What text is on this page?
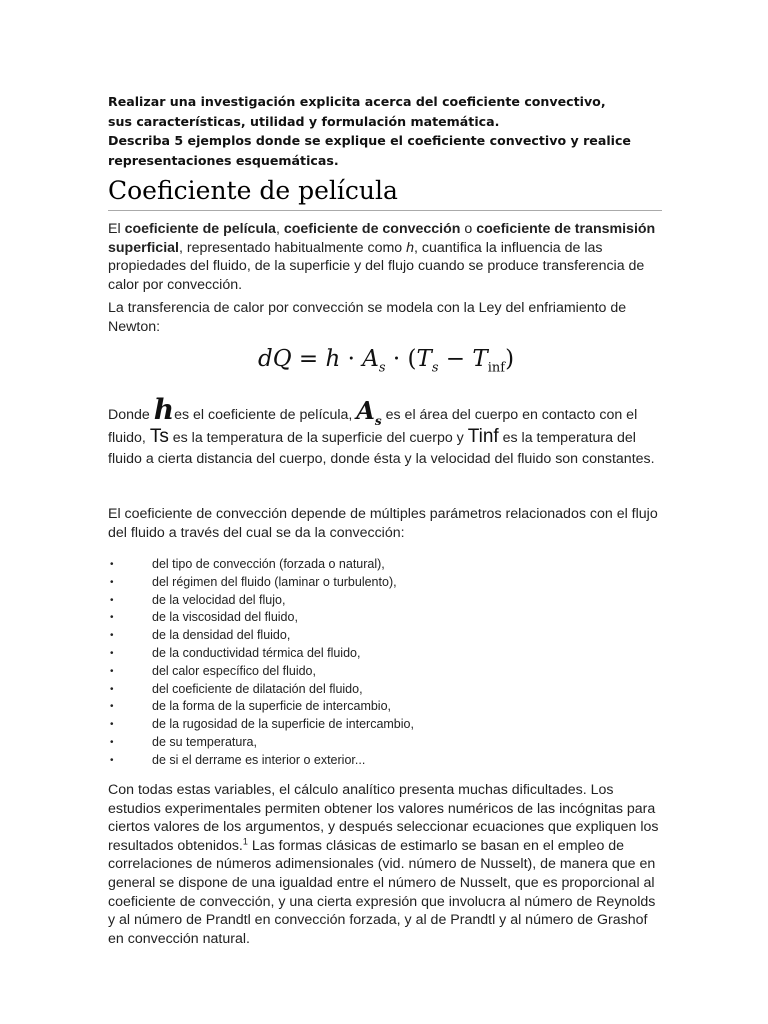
Realizar una investigación explicita acerca del coeficiente convectivo,

sus características, utilidad y formulación matemática.

Describa 5 ejemplos donde se explique el coeficiente convectivo y realice

representaciones esquemáticas.

Coeficiente de película

El coeficiente de película, coeficiente de convección o coeficiente de transmisión superficial, representado habitualmente como h, cuantifica la influencia de las propiedades del fluido, de la superficie y del flujo cuando se produce transferencia de calor por convección.

La transferencia de calor por convección se modela con la Ley del enfriamiento de Newton:

dQ = $h \cdot A_s \cdot (T_s - T_{inf})$

Donde hes el coeficiente de película, $A_s$ es el área del cuerpo en contacto con el fluido, Ts es la temperatura de la superficie del cuerpo y Tinf es la temperatura del fluido a cierta distancia del cuerpo, donde ésta y la velocidad del fluido son constantes.

El coeficiente de convección depende de múltiples parámetros relacionados con el flujo del fluido a través del cual se da la convección:

•	del tipo de convección (forzada o natural),
•	del régimen del fluido (laminar o turbulento),
•	de la velocidad del flujo,
•	de la viscosidad del fluido,
•	de la densidad del fluido,
•	de la conductividad térmica del fluido,
•	del calor específico del fluido,
•	del coeficiente de dilatación del fluido,
•	de la forma de la superficie de intercambio,
•	de la rugosidad de la superficie de intercambio,
•	de su temperatura,
•	de si el derrame es interior o exterior...

Con todas estas variables, el cálculo analítico presenta muchas dificultades. Los estudios experimentales permiten obtener los valores numéricos de las incógnitas para ciertos valores de los argumentos, y después seleccionar ecuaciones que expliquen los resultados obtenidos.$^1$ Las formas clásicas de estimarlo se basan en el empleo de correlaciones de números adimensionales (vid. número de Nusselt), de manera que en general se dispone de una igualdad entre el número de Nusselt, que es proporcional al coeficiente de convección, y una cierta expresión que involucra al número de Reynolds y al número de Prandtl en convección forzada, y al de Prandtl y al número de Grashof en convección natural.
